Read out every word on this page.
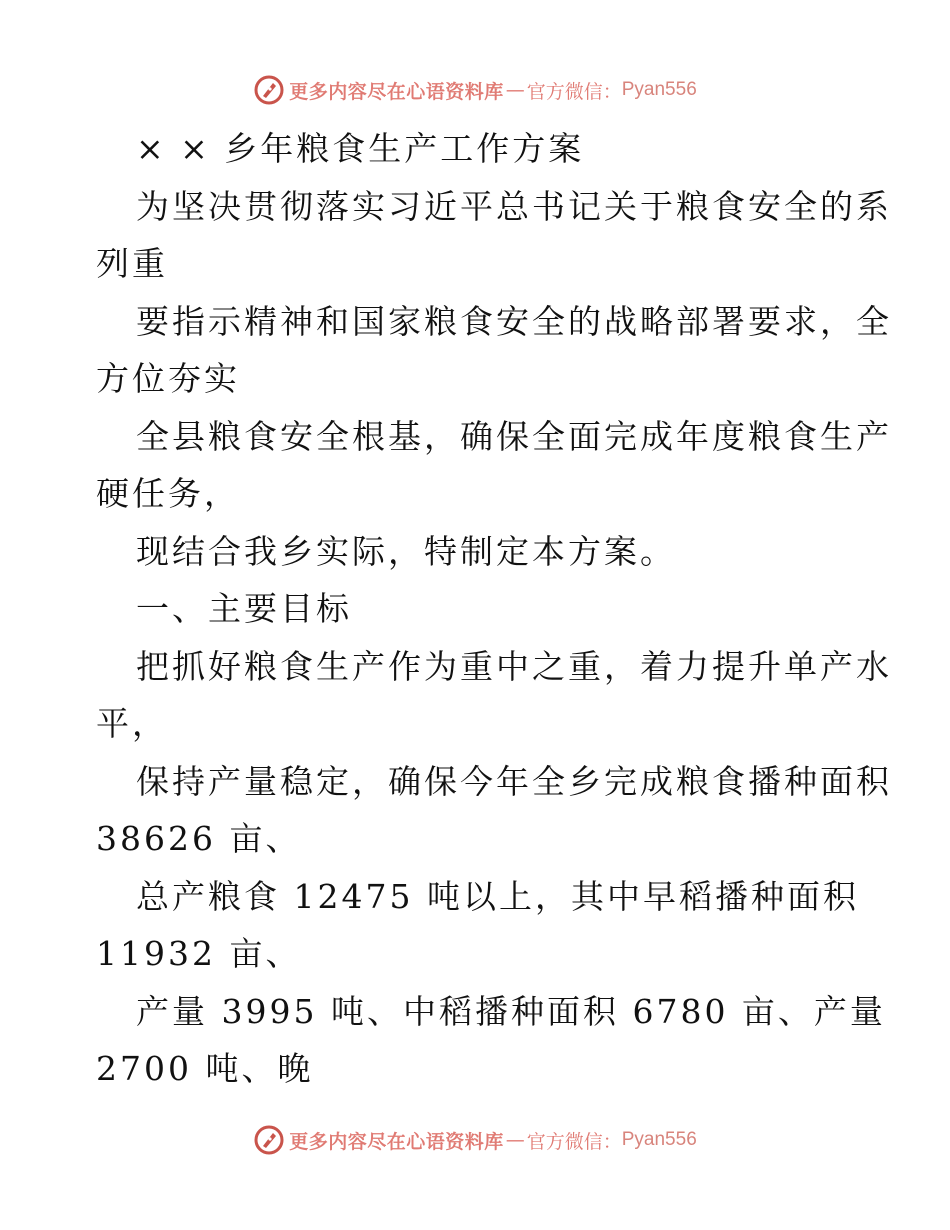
更多内容尽在心语资料库 — 官方微信： Pyan556
× × 乡年粮食生产工作方案
为坚决贯彻落实习近平总书记关于粮食安全的系
列重
要指示精神和国家粮食安全的战略部署要求，全
方位夯实
全县粮食安全根基，确保全面完成年度粮食生产
硬任务，
现结合我乡实际，特制定本方案。
一、主要目标
把抓好粮食生产作为重中之重，着力提升单产水
平，
保持产量稳定，确保今年全乡完成粮食播种面积
38626 亩、
总产粮食 12475 吨以上，其中早稻播种面积
11932 亩、
产量 3995 吨、中稻播种面积 6780 亩、产量
2700 吨、晚
更多内容尽在心语资料库 — 官方微信： Pyan556
